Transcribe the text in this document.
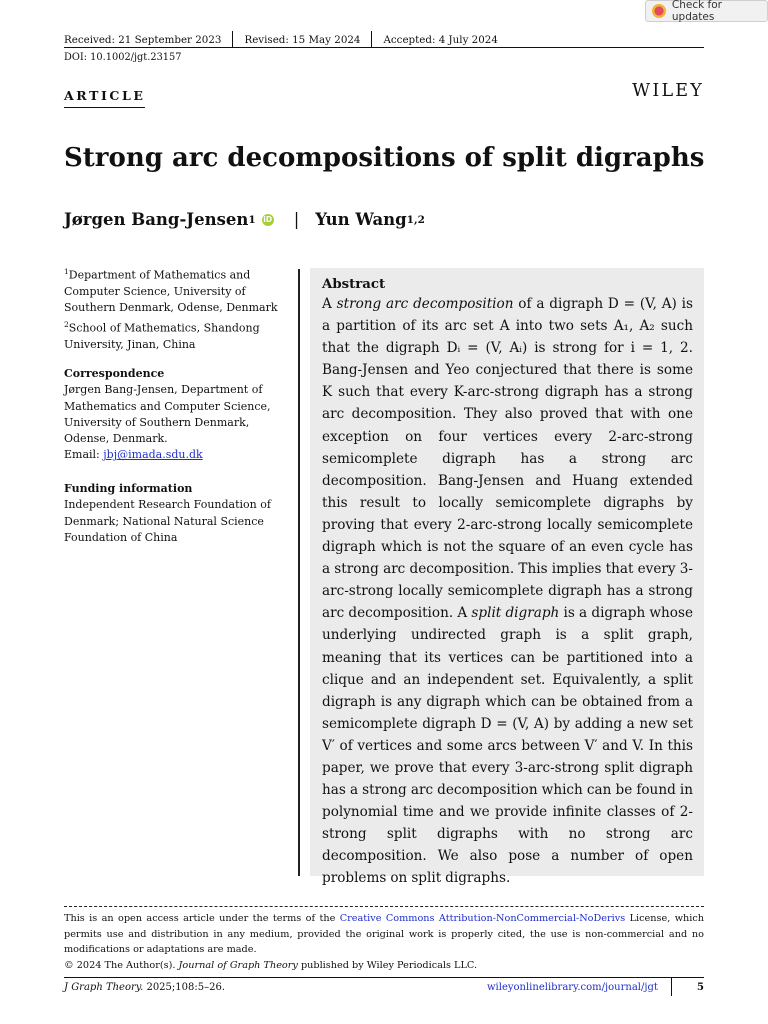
Check for updates
Received: 21 September 2023 Revised: 15 May 2024 Accepted: 4 July 2024
DOI: 10.1002/jgt.23157
ARTICLE	WILEY
Strong arc decompositions of split digraphs
Jørgen Bang-Jensen 1 iD | Yun Wang 1,2
$^1$Department of Mathematics and Computer Science, University of Southern Denmark, Odense, Denmark
$^2$School of Mathematics, Shandong University, Jinan, China
Correspondence
Jørgen Bang-Jensen, Department of Mathematics and Computer Science, University of Southern Denmark, Odense, Denmark.
Email: jbj@imada.sdu.dk
Funding information
Independent Research Foundation of Denmark; National Natural Science Foundation of China
Abstract
A strong arc decomposition of a digraph D = (V, A) is a partition of its arc set A into two sets A₁, A₂ such that the digraph Dᵢ = (V, Aᵢ) is strong for i = 1, 2. Bang-Jensen and Yeo conjectured that there is some K such that every K-arc-strong digraph has a strong arc decomposition. They also proved that with one exception on four vertices every 2-arc-strong semicomplete digraph has a strong arc decomposition. Bang-Jensen and Huang extended this result to locally semicomplete digraphs by proving that every 2-arc-strong locally semicomplete digraph which is not the square of an even cycle has a strong arc decomposition. This implies that every 3-arc-strong locally semicomplete digraph has a strong arc decomposition. A split digraph is a digraph whose underlying undirected graph is a split graph, meaning that its vertices can be partitioned into a clique and an independent set. Equivalently, a split digraph is any digraph which can be obtained from a semicomplete digraph D = (V, A) by adding a new set V′ of vertices and some arcs between V′ and V. In this paper, we prove that every 3-arc-strong split digraph has a strong arc decomposition which can be found in polynomial time and we provide infinite classes of 2-strong split digraphs with no strong arc decomposition. We also pose a number of open problems on split digraphs.
This is an open access article under the terms of the Creative Commons Attribution-NonCommercial-NoDerivs License, which permits use and distribution in any medium, provided the original work is properly cited, the use is non-commercial and no modifications or adaptations are made.
© 2024 The Author(s). Journal of Graph Theory published by Wiley Periodicals LLC.
J Graph Theory. 2025;108:5–26.	wileyonlinelibrary.com/journal/jgt	5
